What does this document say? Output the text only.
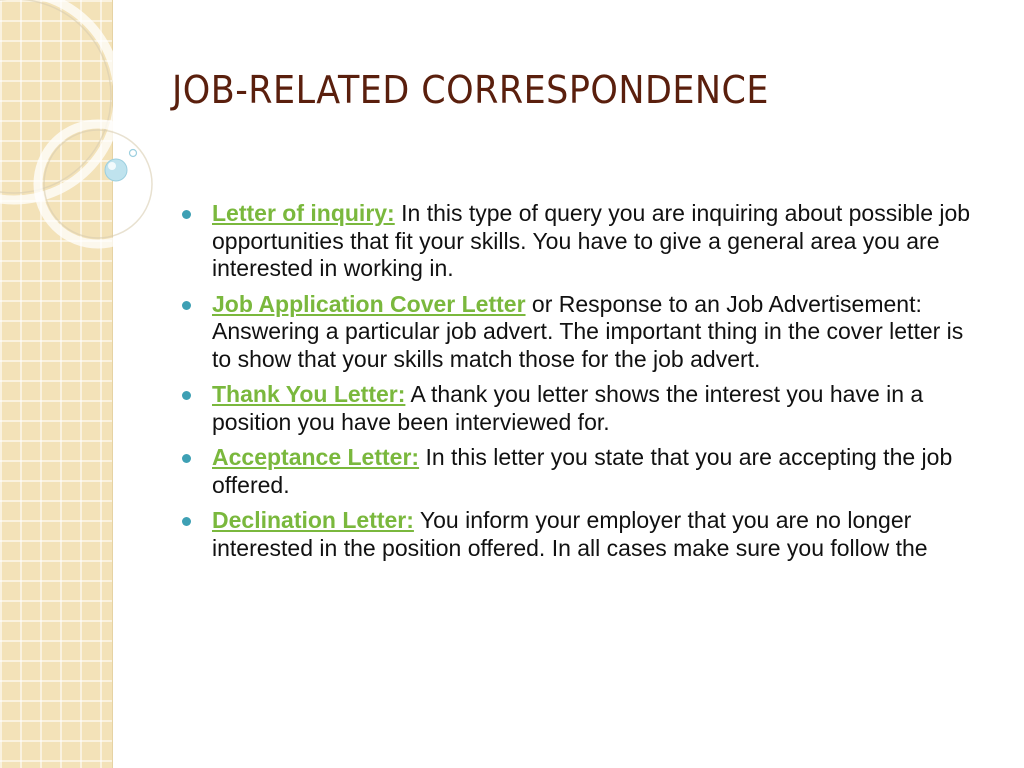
JOB-RELATED CORRESPONDENCE
Letter of inquiry: In this type of query you are inquiring about possible job opportunities that fit your skills. You have to give a general area you are interested in working in.
Job Application Cover Letter or Response to an Job Advertisement: Answering a particular job advert. The important thing in the cover letter is to show that your skills match those for the job advert.
Thank You Letter: A thank you letter shows the interest you have in a position you have been interviewed for.
Acceptance Letter: In this letter you state that you are accepting the job offered.
Declination Letter: You inform your employer that you are no longer interested in the position offered. In all cases make sure you follow the
